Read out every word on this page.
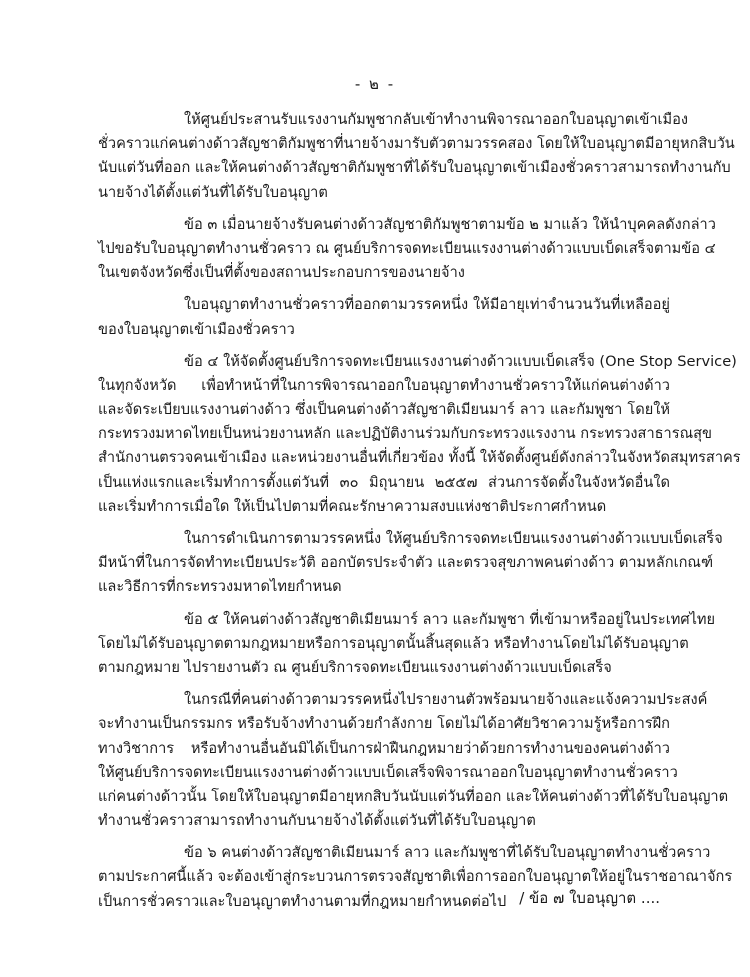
- ๒ -
ให้ศูนย์ประสานรับแรงงานกัมพูชากลับเข้าทำงานพิจารณาออกใบอนุญาตเข้าเมือง
ชั่วคราวแก่คนต่างด้าวสัญชาติกัมพูชาที่นายจ้างมารับตัวตามวรรคสอง โดยให้ใบอนุญาตมีอายุหกสิบวัน
นับแต่วันที่ออก และให้คนต่างด้าวสัญชาติกัมพูชาที่ได้รับใบอนุญาตเข้าเมืองชั่วคราวสามารถทำงานกับ
นายจ้างได้ตั้งแต่วันที่ได้รับใบอนุญาต
ข้อ ๓ เมื่อนายจ้างรับคนต่างด้าวสัญชาติกัมพูชาตามข้อ ๒ มาแล้ว ให้นำบุคคลดังกล่าว
ไปขอรับใบอนุญาตทำงานชั่วคราว ณ ศูนย์บริการจดทะเบียนแรงงานต่างด้าวแบบเบ็ดเสร็จตามข้อ ๔
ในเขตจังหวัดซึ่งเป็นที่ตั้งของสถานประกอบการของนายจ้าง
ใบอนุญาตทำงานชั่วคราวที่ออกตามวรรคหนึ่ง ให้มีอายุเท่าจำนวนวันที่เหลืออยู่
ของใบอนุญาตเข้าเมืองชั่วคราว
ข้อ ๔ ให้จัดตั้งศูนย์บริการจดทะเบียนแรงงานต่างด้าวแบบเบ็ดเสร็จ (One Stop Service)
ในทุกจังหวัด เพื่อทำหน้าที่ในการพิจารณาออกใบอนุญาตทำงานชั่วคราวให้แก่คนต่างด้าว
และจัดระเบียบแรงงานต่างด้าว ซึ่งเป็นคนต่างด้าวสัญชาติเมียนมาร์ ลาว และกัมพูชา โดยให้
กระทรวงมหาดไทยเป็นหน่วยงานหลัก และปฏิบัติงานร่วมกับกระทรวงแรงงาน กระทรวงสาธารณสุข
สำนักงานตรวจคนเข้าเมือง และหน่วยงานอื่นที่เกี่ยวข้อง ทั้งนี้ ให้จัดตั้งศูนย์ดังกล่าวในจังหวัดสมุทรสาคร
เป็นแห่งแรกและเริ่มทำการตั้งแต่วันที่ ๓๐ มิถุนายน ๒๕๕๗ ส่วนการจัดตั้งในจังหวัดอื่นใด
และเริ่มทำการเมื่อใด ให้เป็นไปตามที่คณะรักษาความสงบแห่งชาติประกาศกำหนด
ในการดำเนินการตามวรรคหนึ่ง ให้ศูนย์บริการจดทะเบียนแรงงานต่างด้าวแบบเบ็ดเสร็จ
มีหน้าที่ในการจัดทำทะเบียนประวัติ ออกบัตรประจำตัว และตรวจสุขภาพคนต่างด้าว ตามหลักเกณฑ์
และวิธีการที่กระทรวงมหาดไทยกำหนด
ข้อ ๕ ให้คนต่างด้าวสัญชาติเมียนมาร์ ลาว และกัมพูชา ที่เข้ามาหรืออยู่ในประเทศไทย
โดยไม่ได้รับอนุญาตตามกฎหมายหรือการอนุญาตนั้นสิ้นสุดแล้ว หรือทำงานโดยไม่ได้รับอนุญาต
ตามกฎหมาย ไปรายงานตัว ณ ศูนย์บริการจดทะเบียนแรงงานต่างด้าวแบบเบ็ดเสร็จ
ในกรณีที่คนต่างด้าวตามวรรคหนึ่งไปรายงานตัวพร้อมนายจ้างและแจ้งความประสงค์
จะทำงานเป็นกรรมกร หรือรับจ้างทำงานด้วยกำลังกาย โดยไม่ได้อาศัยวิชาความรู้หรือการฝึก
ทางวิชาการ หรือทำงานอื่นอันมิได้เป็นการฝ่าฝืนกฎหมายว่าด้วยการทำงานของคนต่างด้าว
ให้ศูนย์บริการจดทะเบียนแรงงานต่างด้าวแบบเบ็ดเสร็จพิจารณาออกใบอนุญาตทำงานชั่วคราว
แก่คนต่างด้าวนั้น โดยให้ใบอนุญาตมีอายุหกสิบวันนับแต่วันที่ออก และให้คนต่างด้าวที่ได้รับใบอนุญาต
ทำงานชั่วคราวสามารถทำงานกับนายจ้างได้ตั้งแต่วันที่ได้รับใบอนุญาต
ข้อ ๖ คนต่างด้าวสัญชาติเมียนมาร์ ลาว และกัมพูชาที่ได้รับใบอนุญาตทำงานชั่วคราว
ตามประกาศนี้แล้ว จะต้องเข้าสู่กระบวนการตรวจสัญชาติเพื่อการออกใบอนุญาตให้อยู่ในราชอาณาจักร
เป็นการชั่วคราวและใบอนุญาตทำงานตามที่กฎหมายกำหนดต่อไป / ข้อ ๗ ใบอนุญาต ....
